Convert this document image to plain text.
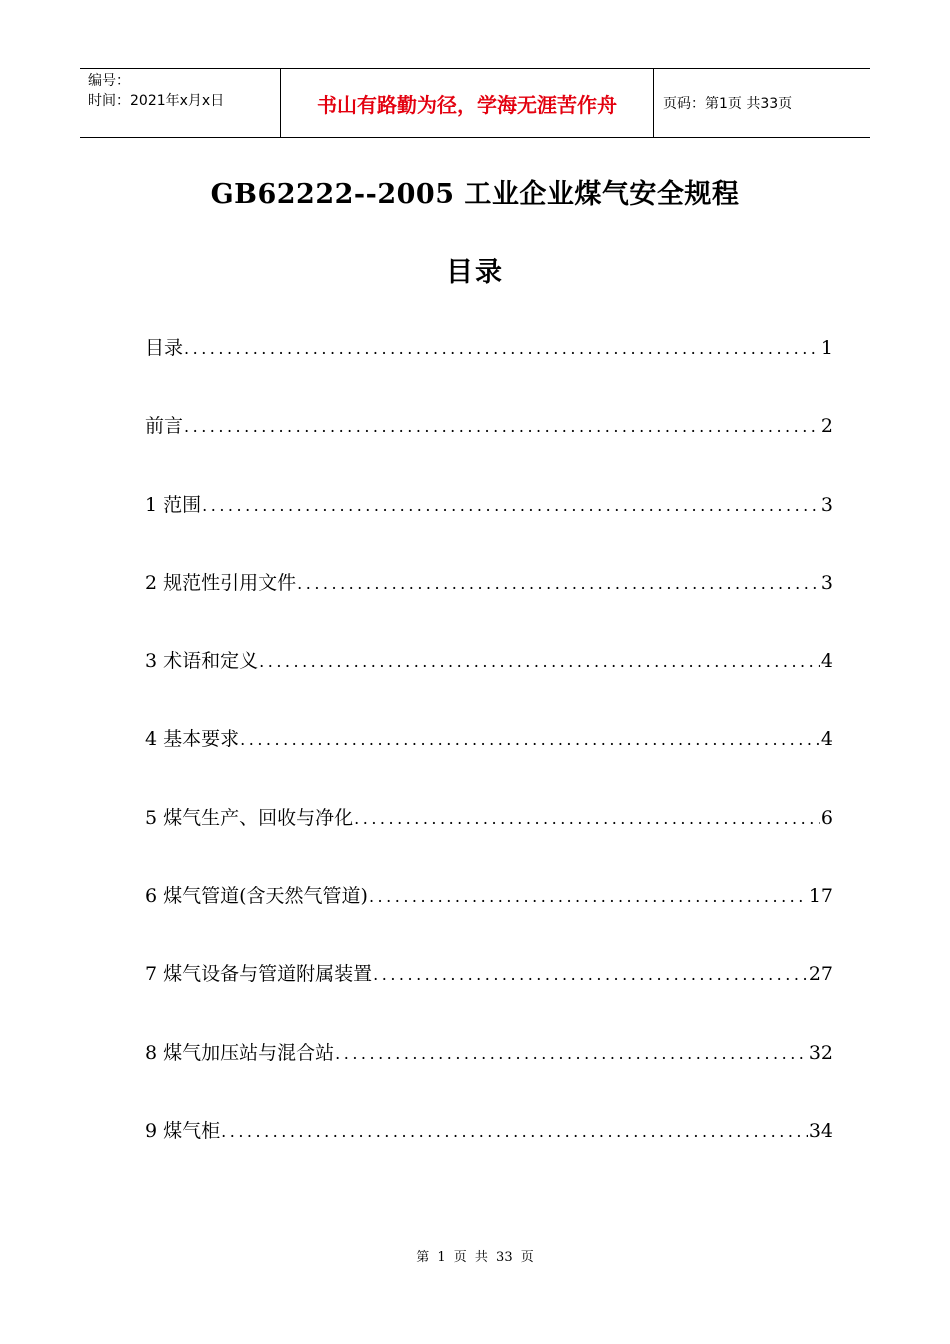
编号：
时间：2021年x月x日	书山有路勤为径，学海无涯苦作舟	页码：第1页 共33页
GB62222--2005 工业企业煤气安全规程
目录
目录 .....	1
前言 .....	2
1 范围 .....	3
2 规范性引用文件 .....	3
3 术语和定义 .....	4
4 基本要求 .....	4
5 煤气生产、回收与净化 .....	6
6 煤气管道(含天然气管道) .....	17
7 煤气设备与管道附属装置 .....	27
8 煤气加压站与混合站 .....	32
9 煤气柜 .....	34
第 1 页 共 33 页
